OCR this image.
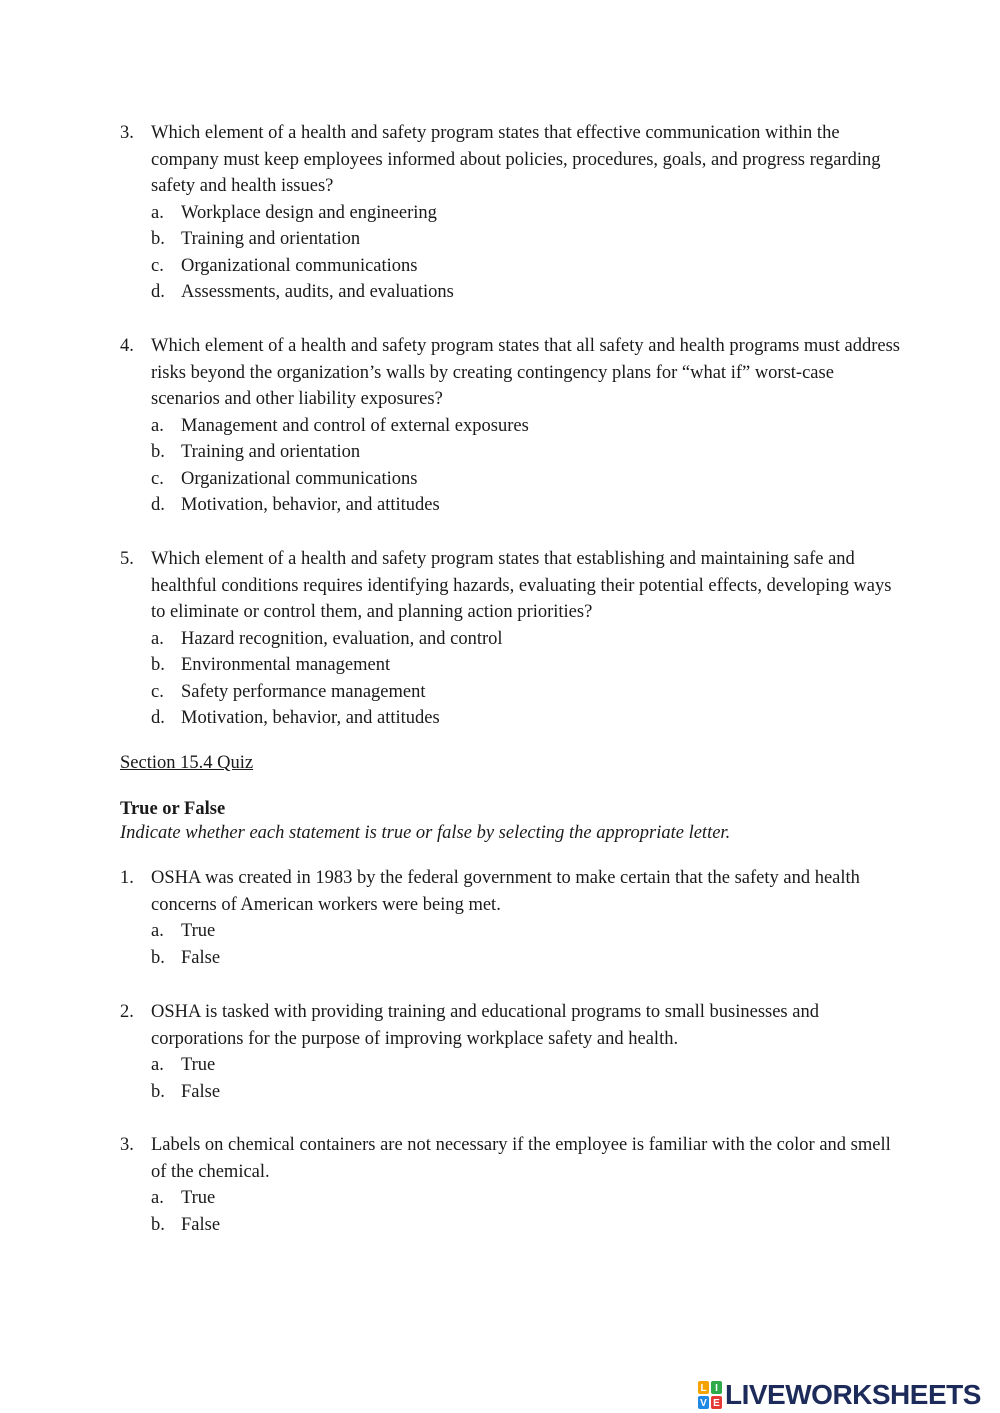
3. Which element of a health and safety program states that effective communication within the company must keep employees informed about policies, procedures, goals, and progress regarding safety and health issues?
a. Workplace design and engineering
b. Training and orientation
c. Organizational communications
d. Assessments, audits, and evaluations
4. Which element of a health and safety program states that all safety and health programs must address risks beyond the organization’s walls by creating contingency plans for “what if” worst-case scenarios and other liability exposures?
a. Management and control of external exposures
b. Training and orientation
c. Organizational communications
d. Motivation, behavior, and attitudes
5. Which element of a health and safety program states that establishing and maintaining safe and healthful conditions requires identifying hazards, evaluating their potential effects, developing ways to eliminate or control them, and planning action priorities?
a. Hazard recognition, evaluation, and control
b. Environmental management
c. Safety performance management
d. Motivation, behavior, and attitudes
Section 15.4 Quiz
True or False
Indicate whether each statement is true or false by selecting the appropriate letter.
1. OSHA was created in 1983 by the federal government to make certain that the safety and health concerns of American workers were being met.
a. True
b. False
2. OSHA is tasked with providing training and educational programs to small businesses and corporations for the purpose of improving workplace safety and health.
a. True
b. False
3. Labels on chemical containers are not necessary if the employee is familiar with the color and smell of the chemical.
a. True
b. False
L I
V E LIVEWORKSHEETS
